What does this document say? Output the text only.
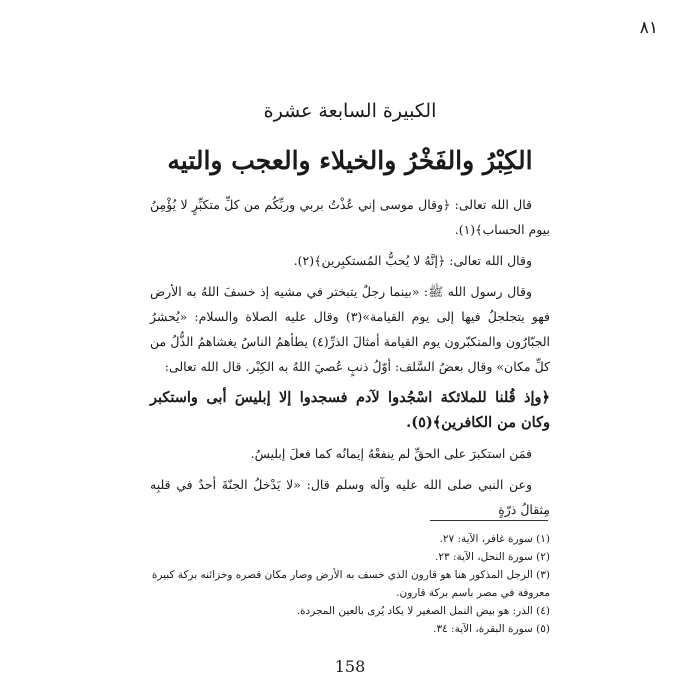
٨١
الكبيرة السابعة عشرة
الكِبْرُ والفَخْرُ والخيلاء والعجب والتيه

قال الله تعالى: ﴿وقال موسى إني عُذْتُ بربي وربِّكُم من كلِّ متكبِّرٍ لا يُؤْمِنُ بيوم الحساب﴾(١).

وقال الله تعالى: ﴿إنَّهُ لا يُحبُّ المُستكبِرين﴾(٢).

وقال رسول الله ﷺ: «بينما رجلٌ يتبختر في مشيه إذ خسفَ اللهُ به الأرض فهو يتجلجلُ فيها إلى يوم القيامة»(٣) وقال عليه الصلاة والسلام: «يُحشرُ الجبّارُون والمتكبّرون يوم القيامة أمثالَ الذرِّ(٤) يطأهمُ الناسُ يغشاهمُ الذُّلُ من كلِّ مكان» وقال بعضُ السَّلف: أوّلُ ذنبٍ عُصيَ اللهُ به الكِبْر. قال الله تعالى:

﴿وإذ قُلنا للملائكة اسْجُدوا لآدم فسجدوا إلا إبليسَ أبى واستكبر وكان من الكافرين﴾(٥).

فمَن استكبرَ على الحقِّ لم ينفعْهُ إيمانُه كما فعلَ إبليسُ.

وعن النبي صلى الله عليه وآله وسلم قال: «لا يَدْخلُ الجنّةَ أحدٌ في قلبِه مِثقالُ ذرّةٍ

(١) سورة غافر، الآية: ٢٧.
(٢) سورة النحل، الآية: ٢٣.
(٣) الرجل المذكور هنا هو قارون الذي خسف به الأرض وصار مكان قصره وخزائنه بركة كبيرة معروفة في مصر باسم بركة قارون.
(٤) الذر: هو بيض النمل الصغير لا يكاد يُرى بالعين المجردة.
(٥) سورة البقرة، الآية: ٣٤.
158
